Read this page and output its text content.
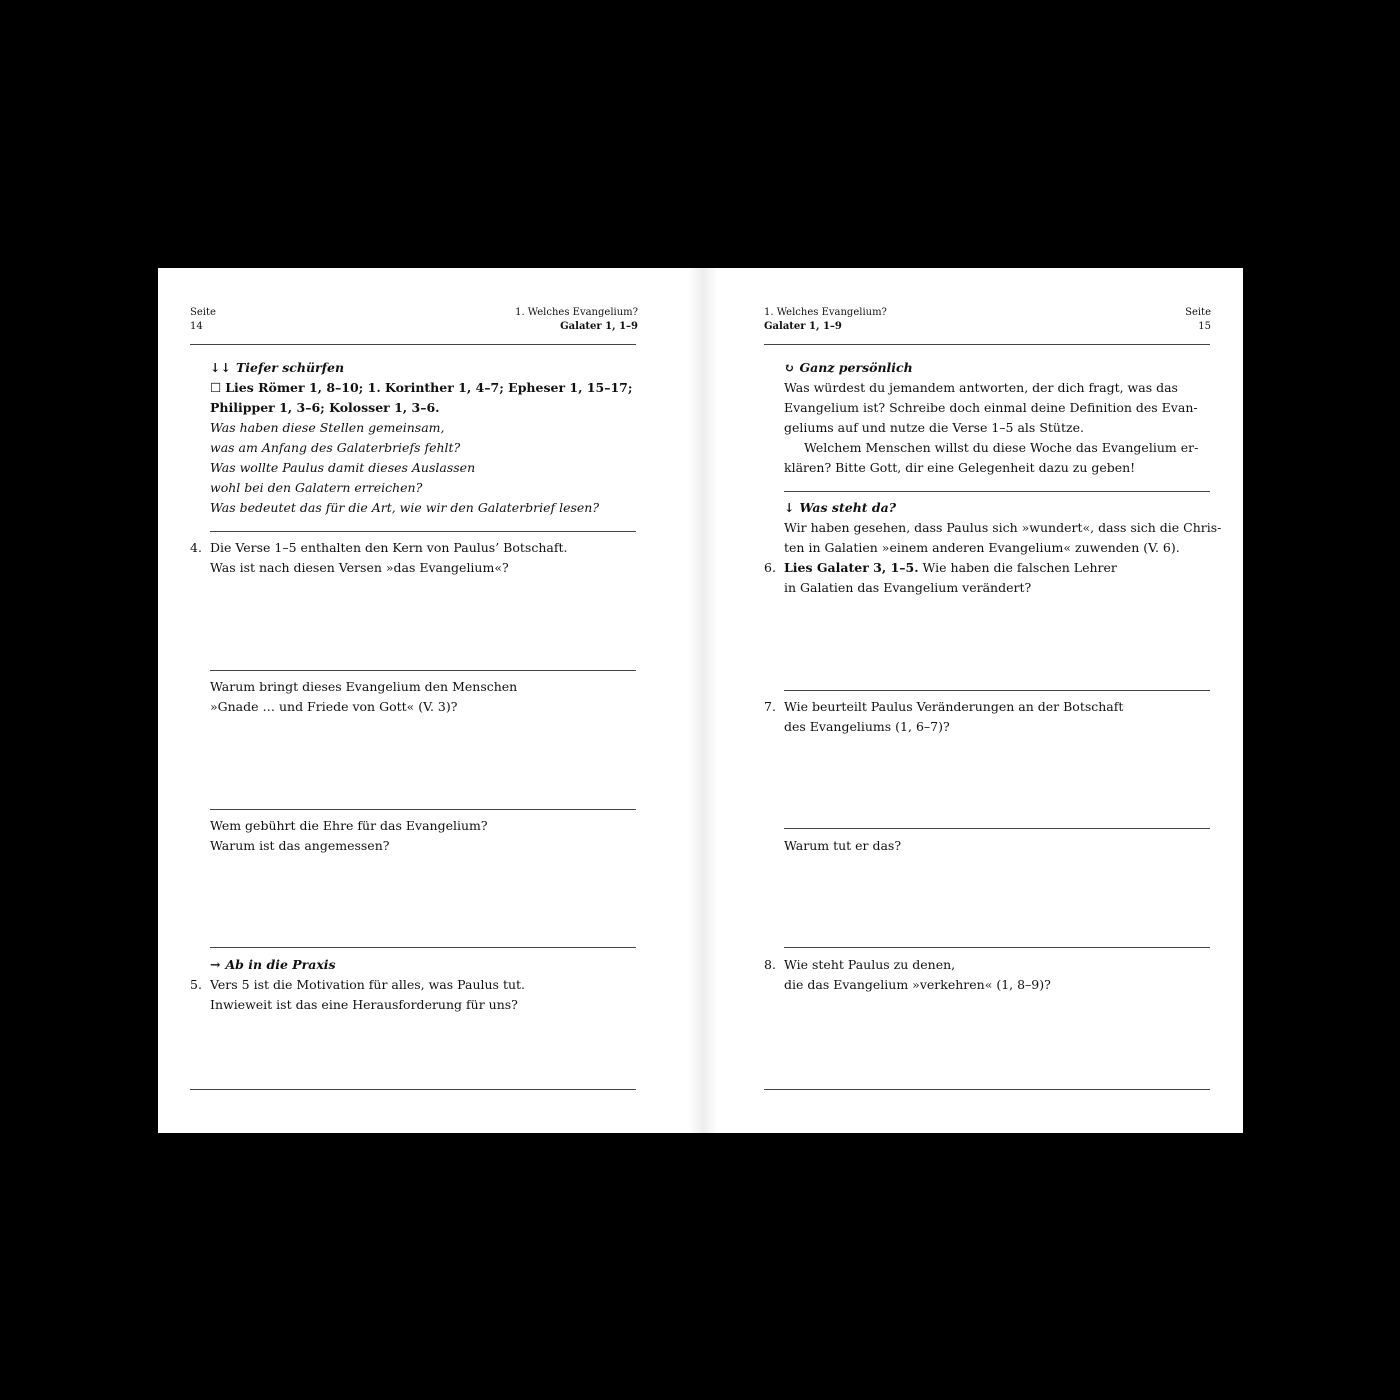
Seite
14
1. Welches Evangelium?
Galater 1, 1–9
↓↓ Tiefer schürfen
☐ Lies Römer 1, 8–10; 1. Korinther 1, 4–7; Epheser 1, 15–17;
Philipper 1, 3–6; Kolosser 1, 3–6.
Was haben diese Stellen gemeinsam,
was am Anfang des Galaterbriefs fehlt?
Was wollte Paulus damit dieses Auslassen
wohl bei den Galatern erreichen?
Was bedeutet das für die Art, wie wir den Galaterbrief lesen?
4. Die Verse 1–5 enthalten den Kern von Paulus’ Botschaft.
Was ist nach diesen Versen »das Evangelium«?
Warum bringt dieses Evangelium den Menschen
»Gnade … und Friede von Gott« (V. 3)?
Wem gebührt die Ehre für das Evangelium?
Warum ist das angemessen?
→ Ab in die Praxis
5. Vers 5 ist die Motivation für alles, was Paulus tut.
Inwieweit ist das eine Herausforderung für uns?
1. Welches Evangelium?
Galater 1, 1–9
Seite
15
↻ Ganz persönlich
Was würdest du jemandem antworten, der dich fragt, was das
Evangelium ist? Schreibe doch einmal deine Definition des Evan-
geliums auf und nutze die Verse 1–5 als Stütze.
Welchem Menschen willst du diese Woche das Evangelium er-
klären? Bitte Gott, dir eine Gelegenheit dazu zu geben!
↓ Was steht da?
Wir haben gesehen, dass Paulus sich »wundert«, dass sich die Chris-
ten in Galatien »einem anderen Evangelium« zuwenden (V. 6).
6. Lies Galater 3, 1–5. Wie haben die falschen Lehrer
in Galatien das Evangelium verändert?
7. Wie beurteilt Paulus Veränderungen an der Botschaft
des Evangeliums (1, 6–7)?
Warum tut er das?
8. Wie steht Paulus zu denen,
die das Evangelium »verkehren« (1, 8–9)?
